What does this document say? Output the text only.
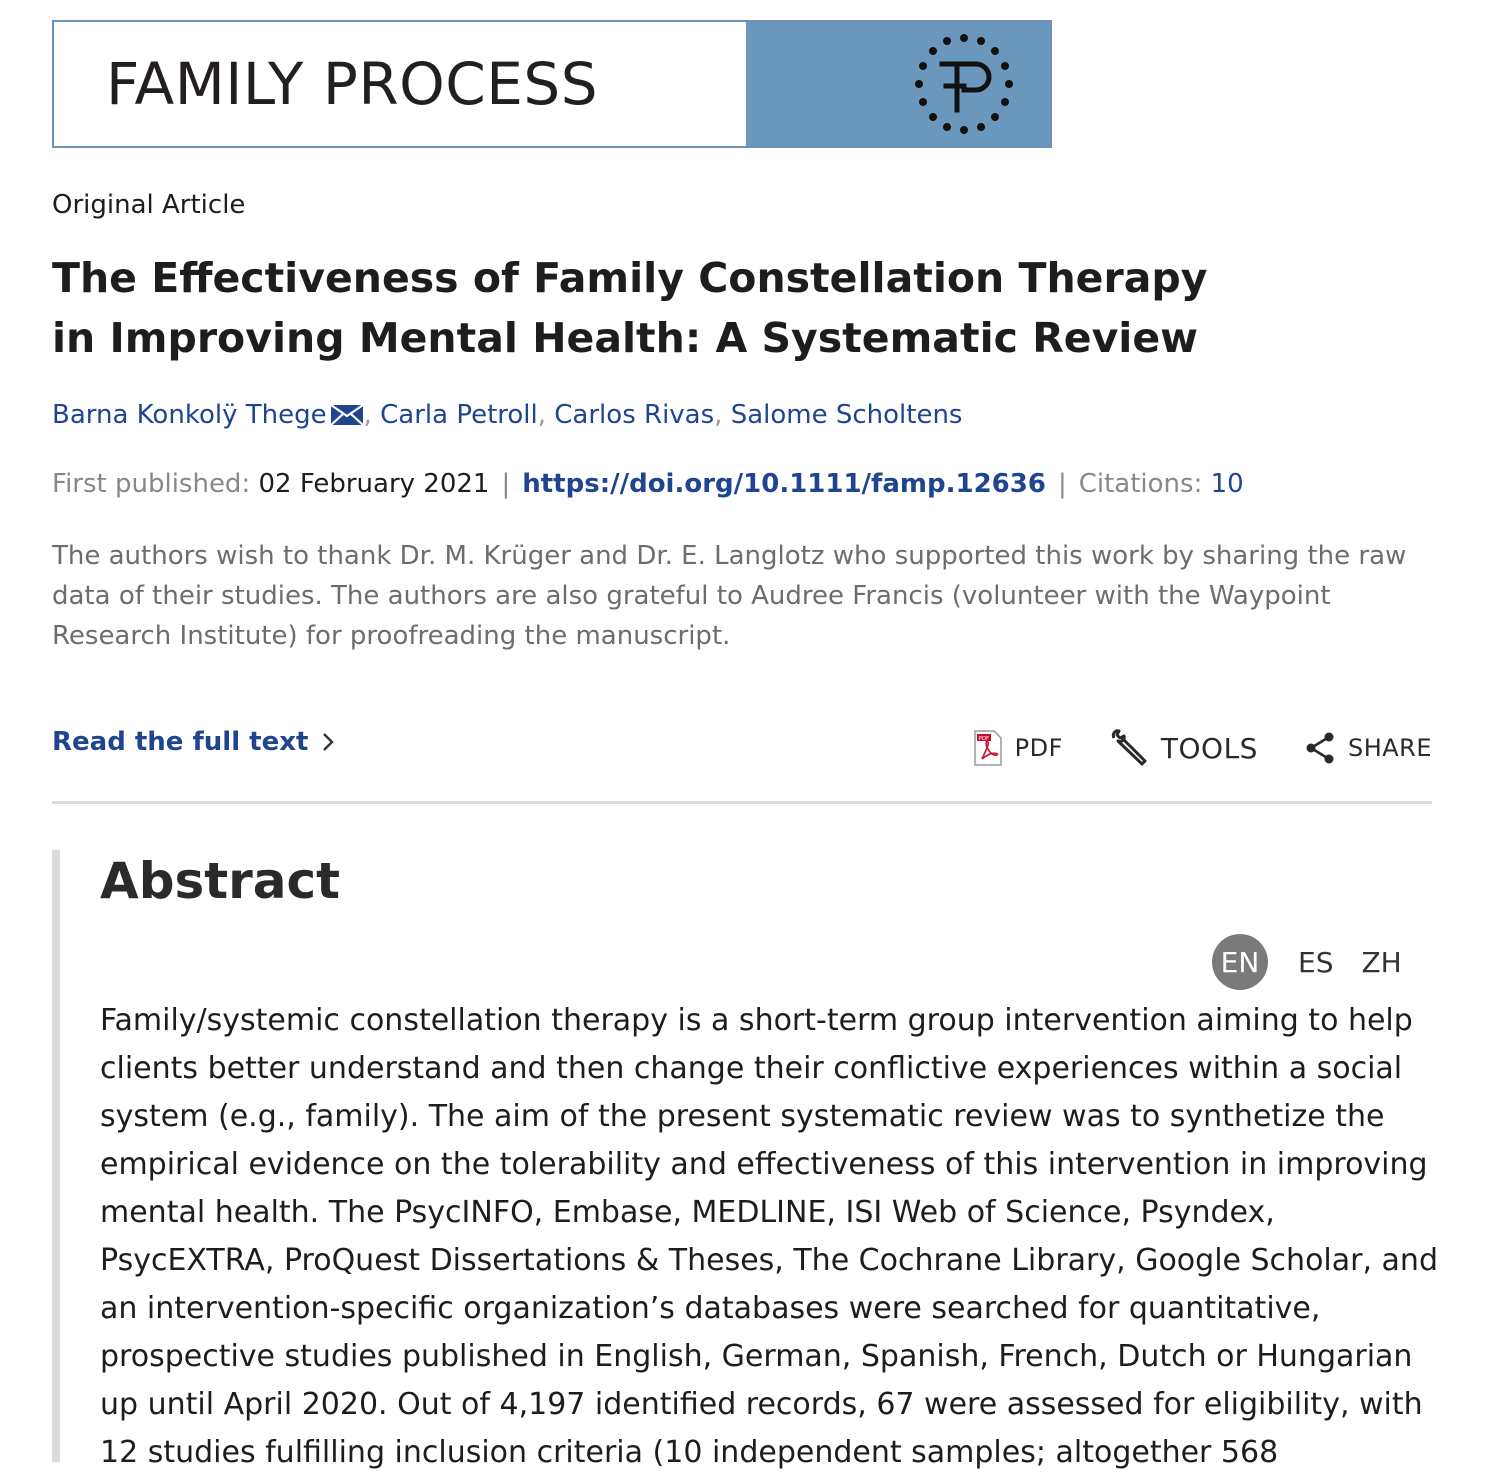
FAMILY PROCESS
Original Article
The Effectiveness of Family Constellation Therapy in Improving Mental Health: A Systematic Review
Barna Konkolÿ Thege , Carla Petroll, Carlos Rivas, Salome Scholtens
First published: 02 February 2021 | https://doi.org/10.1111/famp.12636 | Citations: 10
The authors wish to thank Dr. M. Krüger and Dr. E. Langlotz who supported this work by sharing the raw data of their studies. The authors are also grateful to Audree Francis (volunteer with the Waypoint Research Institute) for proofreading the manuscript.
Read the full text	PDF PDF	TOOLS	SHARE
Abstract
EN	ES ZH

Family/systemic constellation therapy is a short-term group intervention aiming to help clients better understand and then change their conflictive experiences within a social system (e.g., family). The aim of the present systematic review was to synthetize the empirical evidence on the tolerability and effectiveness of this intervention in improving mental health. The PsycINFO, Embase, MEDLINE, ISI Web of Science, Psyndex, PsycEXTRA, ProQuest Dissertations & Theses, The Cochrane Library, Google Scholar, and an intervention-specific organization’s databases were searched for quantitative, prospective studies published in English, German, Spanish, French, Dutch or Hungarian up until April 2020. Out of 4,197 identified records, 67 were assessed for eligibility, with 12 studies fulfilling inclusion criteria (10 independent samples; altogether 568
